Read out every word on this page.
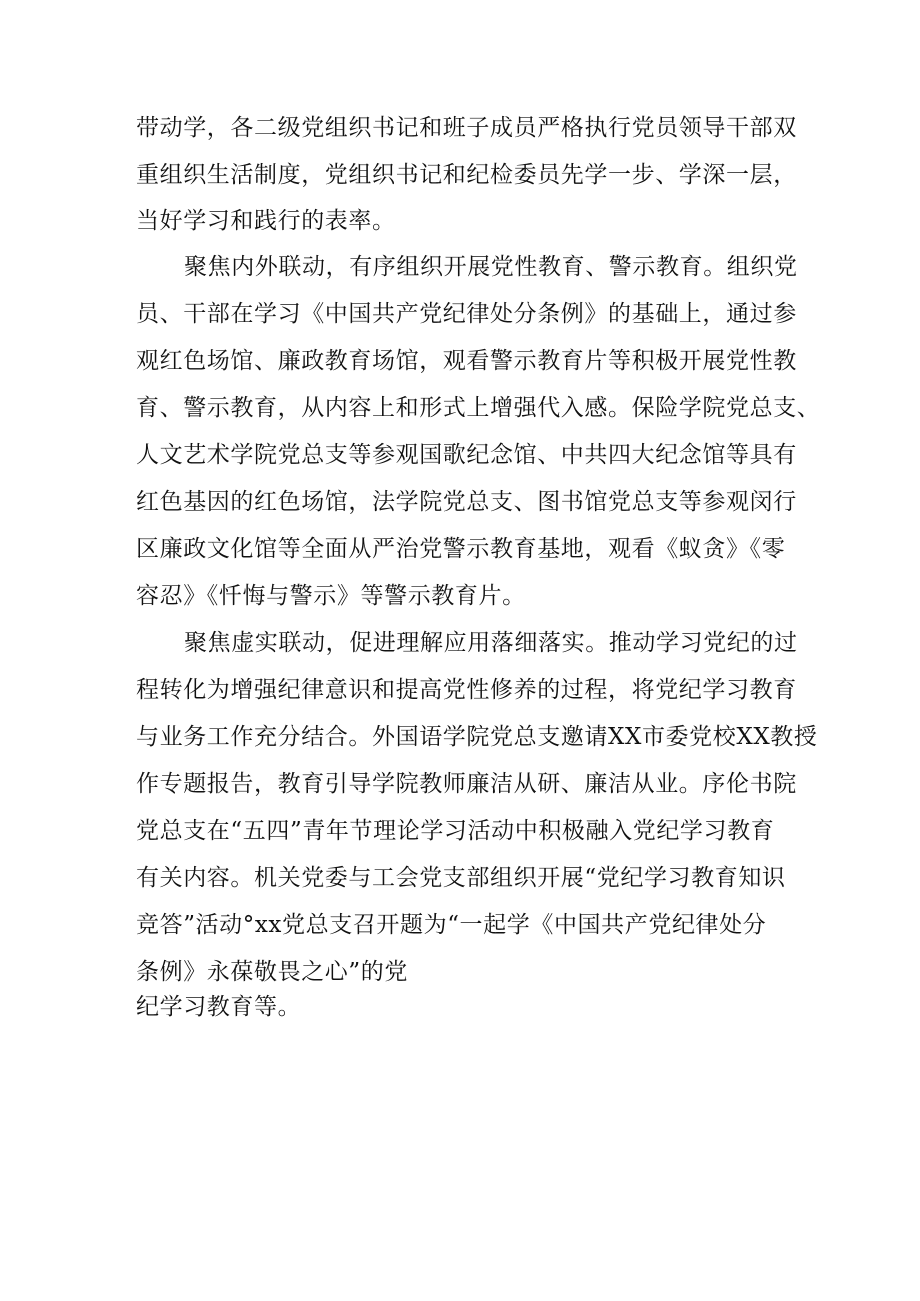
带动学，各二级党组织书记和班子成员严格执行党员领导干部双

重组织生活制度，党组织书记和纪检委员先学一步、学深一层，

当好学习和践行的表率。

聚焦内外联动，有序组织开展党性教育、警示教育。组织党

员、干部在学习《中国共产党纪律处分条例》的基础上，通过参

观红色场馆、廉政教育场馆，观看警示教育片等积极开展党性教

育、警示教育，从内容上和形式上增强代入感。保险学院党总支、

人文艺术学院党总支等参观国歌纪念馆、中共四大纪念馆等具有

红色基因的红色场馆，法学院党总支、图书馆党总支等参观闵行

区廉政文化馆等全面从严治党警示教育基地，观看《蚁贪》《零

容忍》《忏悔与警示》等警示教育片。

聚焦虚实联动，促进理解应用落细落实。推动学习党纪的过

程转化为增强纪律意识和提高党性修养的过程，将党纪学习教育

与业务工作充分结合。外国语学院党总支邀请XX市委党校XX教授

作专题报告，教育引导学院教师廉洁从研、廉洁从业。序伦书院

党总支在“五四”青年节理论学习活动中积极融入党纪学习教育

有关内容。机关党委与工会党支部组织开展“党纪学习教育知识

竞答”活动°xx党总支召开题为“一起学《中国共产党纪律处分

条例》永葆敬畏之心”的党

纪学习教育等。
